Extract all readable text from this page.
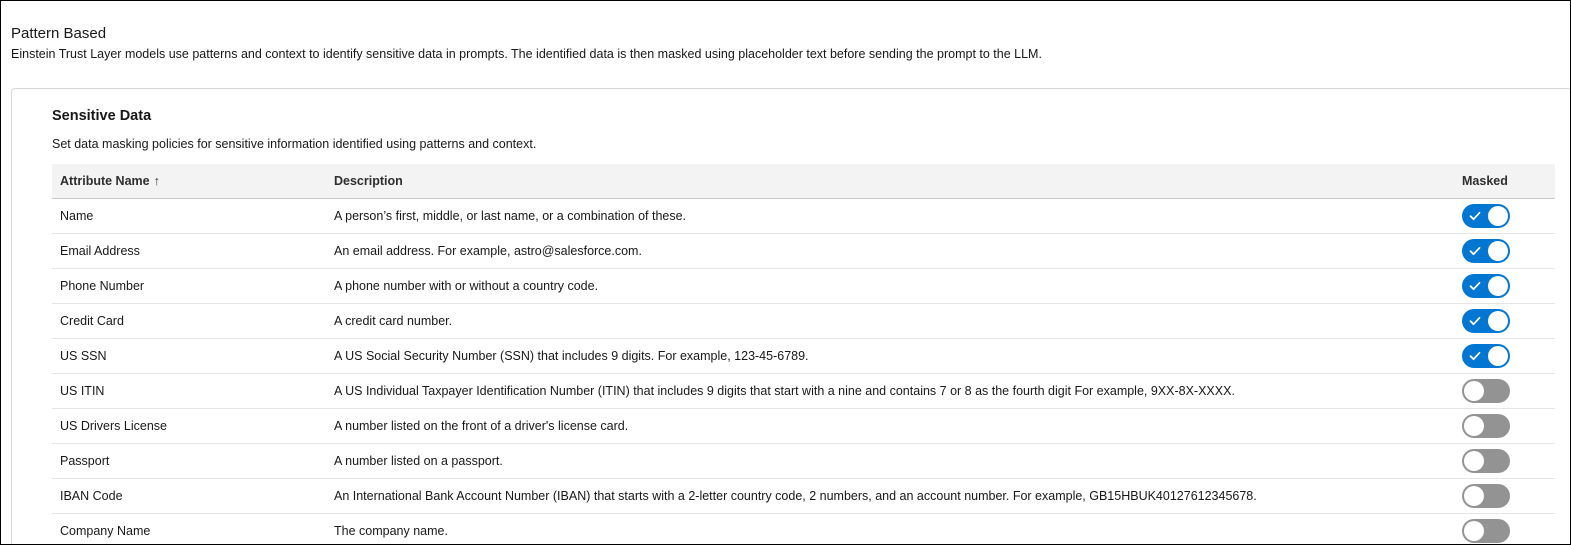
Pattern Based
Einstein Trust Layer models use patterns and context to identify sensitive data in prompts. The identified data is then masked using placeholder text before sending the prompt to the LLM.
Sensitive Data
Set data masking policies for sensitive information identified using patterns and context.
Attribute Name ↑	Description	Masked
Name	A person’s first, middle, or last name, or a combination of these.
Email Address	An email address. For example, astro@salesforce.com.
Phone Number	A phone number with or without a country code.
Credit Card	A credit card number.
US SSN	A US Social Security Number (SSN) that includes 9 digits. For example, 123-45-6789.
US ITIN	A US Individual Taxpayer Identification Number (ITIN) that includes 9 digits that start with a nine and contains 7 or 8 as the fourth digit For example, 9XX-8X-XXXX.
US Drivers License	A number listed on the front of a driver's license card.
Passport	A number listed on a passport.
IBAN Code	An International Bank Account Number (IBAN) that starts with a 2-letter country code, 2 numbers, and an account number. For example, GB15HBUK40127612345678.
Company Name	The company name.
